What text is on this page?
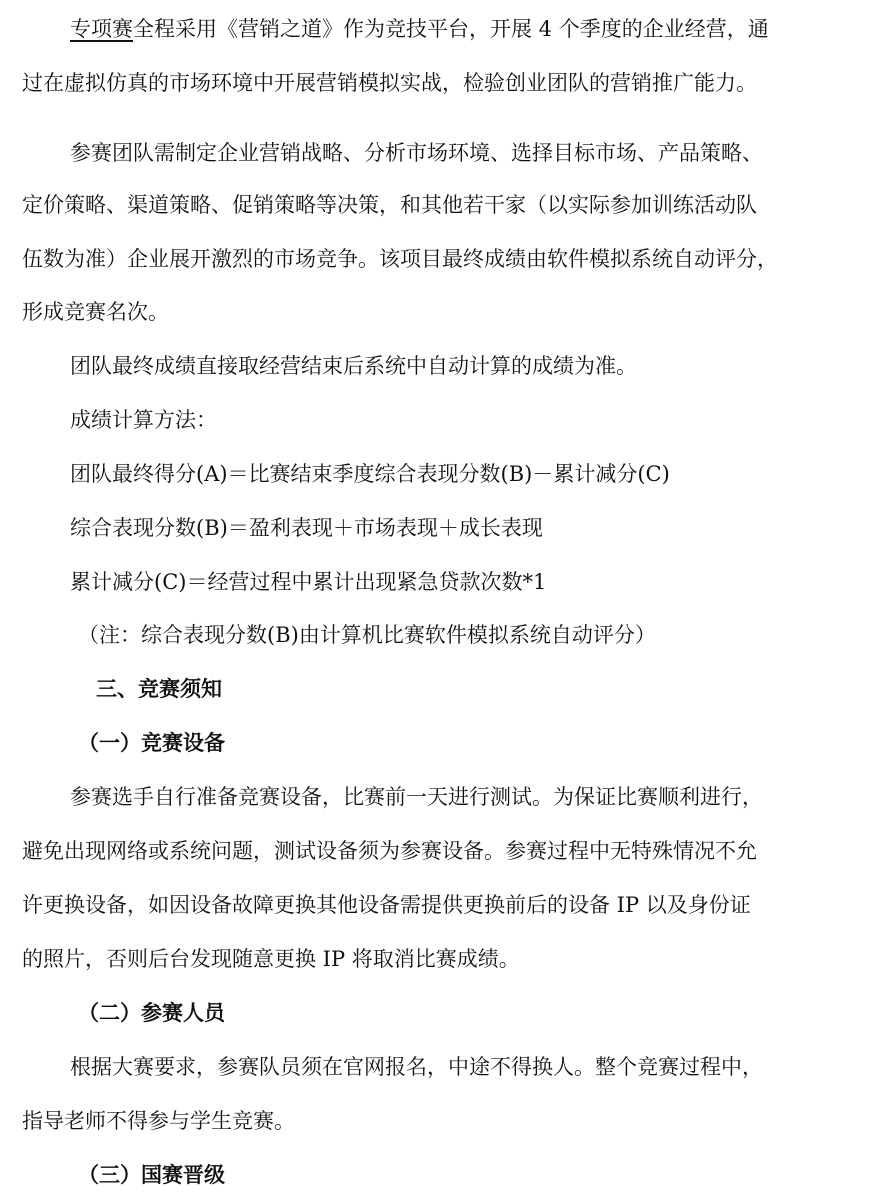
专项赛全程采用《营销之道》作为竞技平台，开展 4 个季度的企业经营，通
过在虚拟仿真的市场环境中开展营销模拟实战，检验创业团队的营销推广能力。
参赛团队需制定企业营销战略、分析市场环境、选择目标市场、产品策略、
定价策略、渠道策略、促销策略等决策，和其他若干家（以实际参加训练活动队
伍数为准）企业展开激烈的市场竞争。该项目最终成绩由软件模拟系统自动评分，
形成竞赛名次。
团队最终成绩直接取经营结束后系统中自动计算的成绩为准。
成绩计算方法：
团队最终得分(A)＝比赛结束季度综合表现分数(B)－累计减分(C)
综合表现分数(B)＝盈利表现＋市场表现＋成长表现
累计减分(C)＝经营过程中累计出现紧急贷款次数*1
（注：综合表现分数(B)由计算机比赛软件模拟系统自动评分）
三、竞赛须知
（一）竞赛设备
参赛选手自行准备竞赛设备，比赛前一天进行测试。为保证比赛顺利进行，
避免出现网络或系统问题，测试设备须为参赛设备。参赛过程中无特殊情况不允
许更换设备，如因设备故障更换其他设备需提供更换前后的设备 IP 以及身份证
的照片，否则后台发现随意更换 IP 将取消比赛成绩。
（二）参赛人员
根据大赛要求，参赛队员须在官网报名，中途不得换人。整个竞赛过程中，
指导老师不得参与学生竞赛。
（三）国赛晋级
